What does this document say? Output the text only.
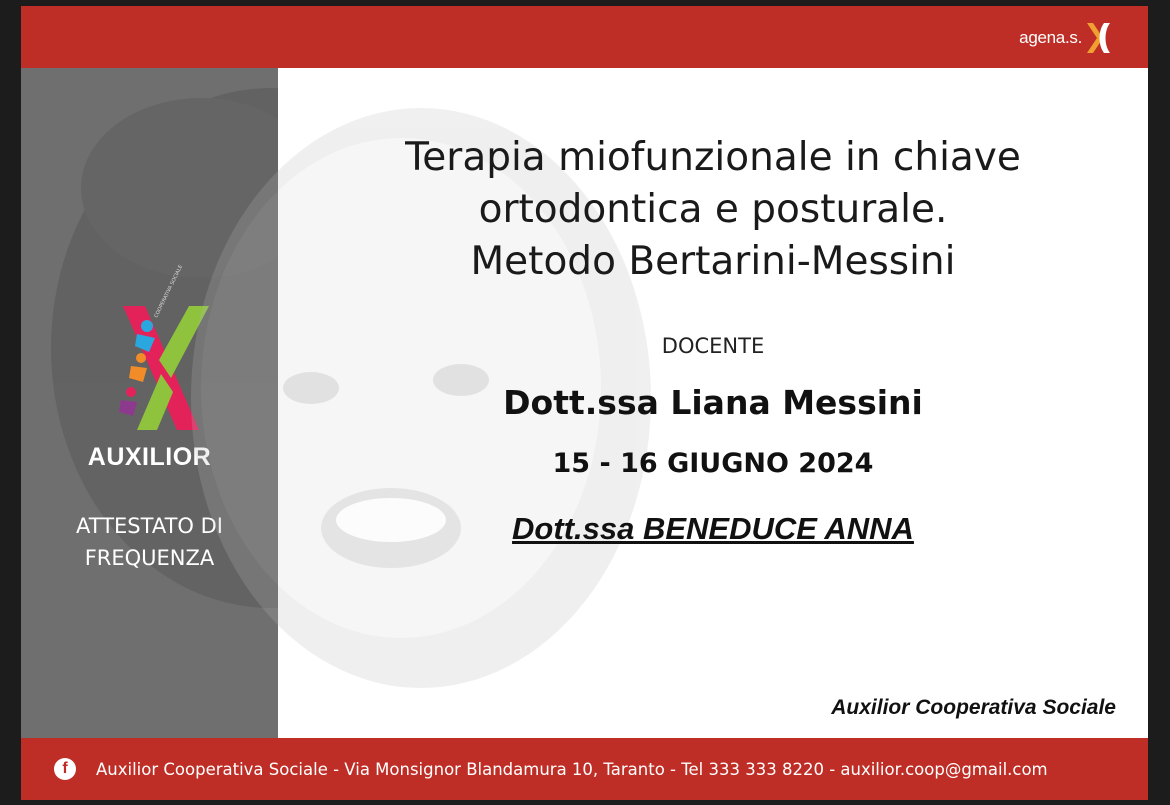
agena.s.
COOPERATIVA SOCIALE
AUXILIOR
ATTESTATO DI
FREQUENZA
Terapia miofunzionale in chiave
ortodontica e posturale.
Metodo Bertarini-Messini
DOCENTE
Dott.ssa Liana Messini
15 - 16 GIUGNO 2024
Dott.ssa BENEDUCE ANNA
Auxilior Cooperativa Sociale
f	Auxilior Cooperativa Sociale - Via Monsignor Blandamura 10, Taranto - Tel 333 333 8220 - auxilior.coop@gmail.com
